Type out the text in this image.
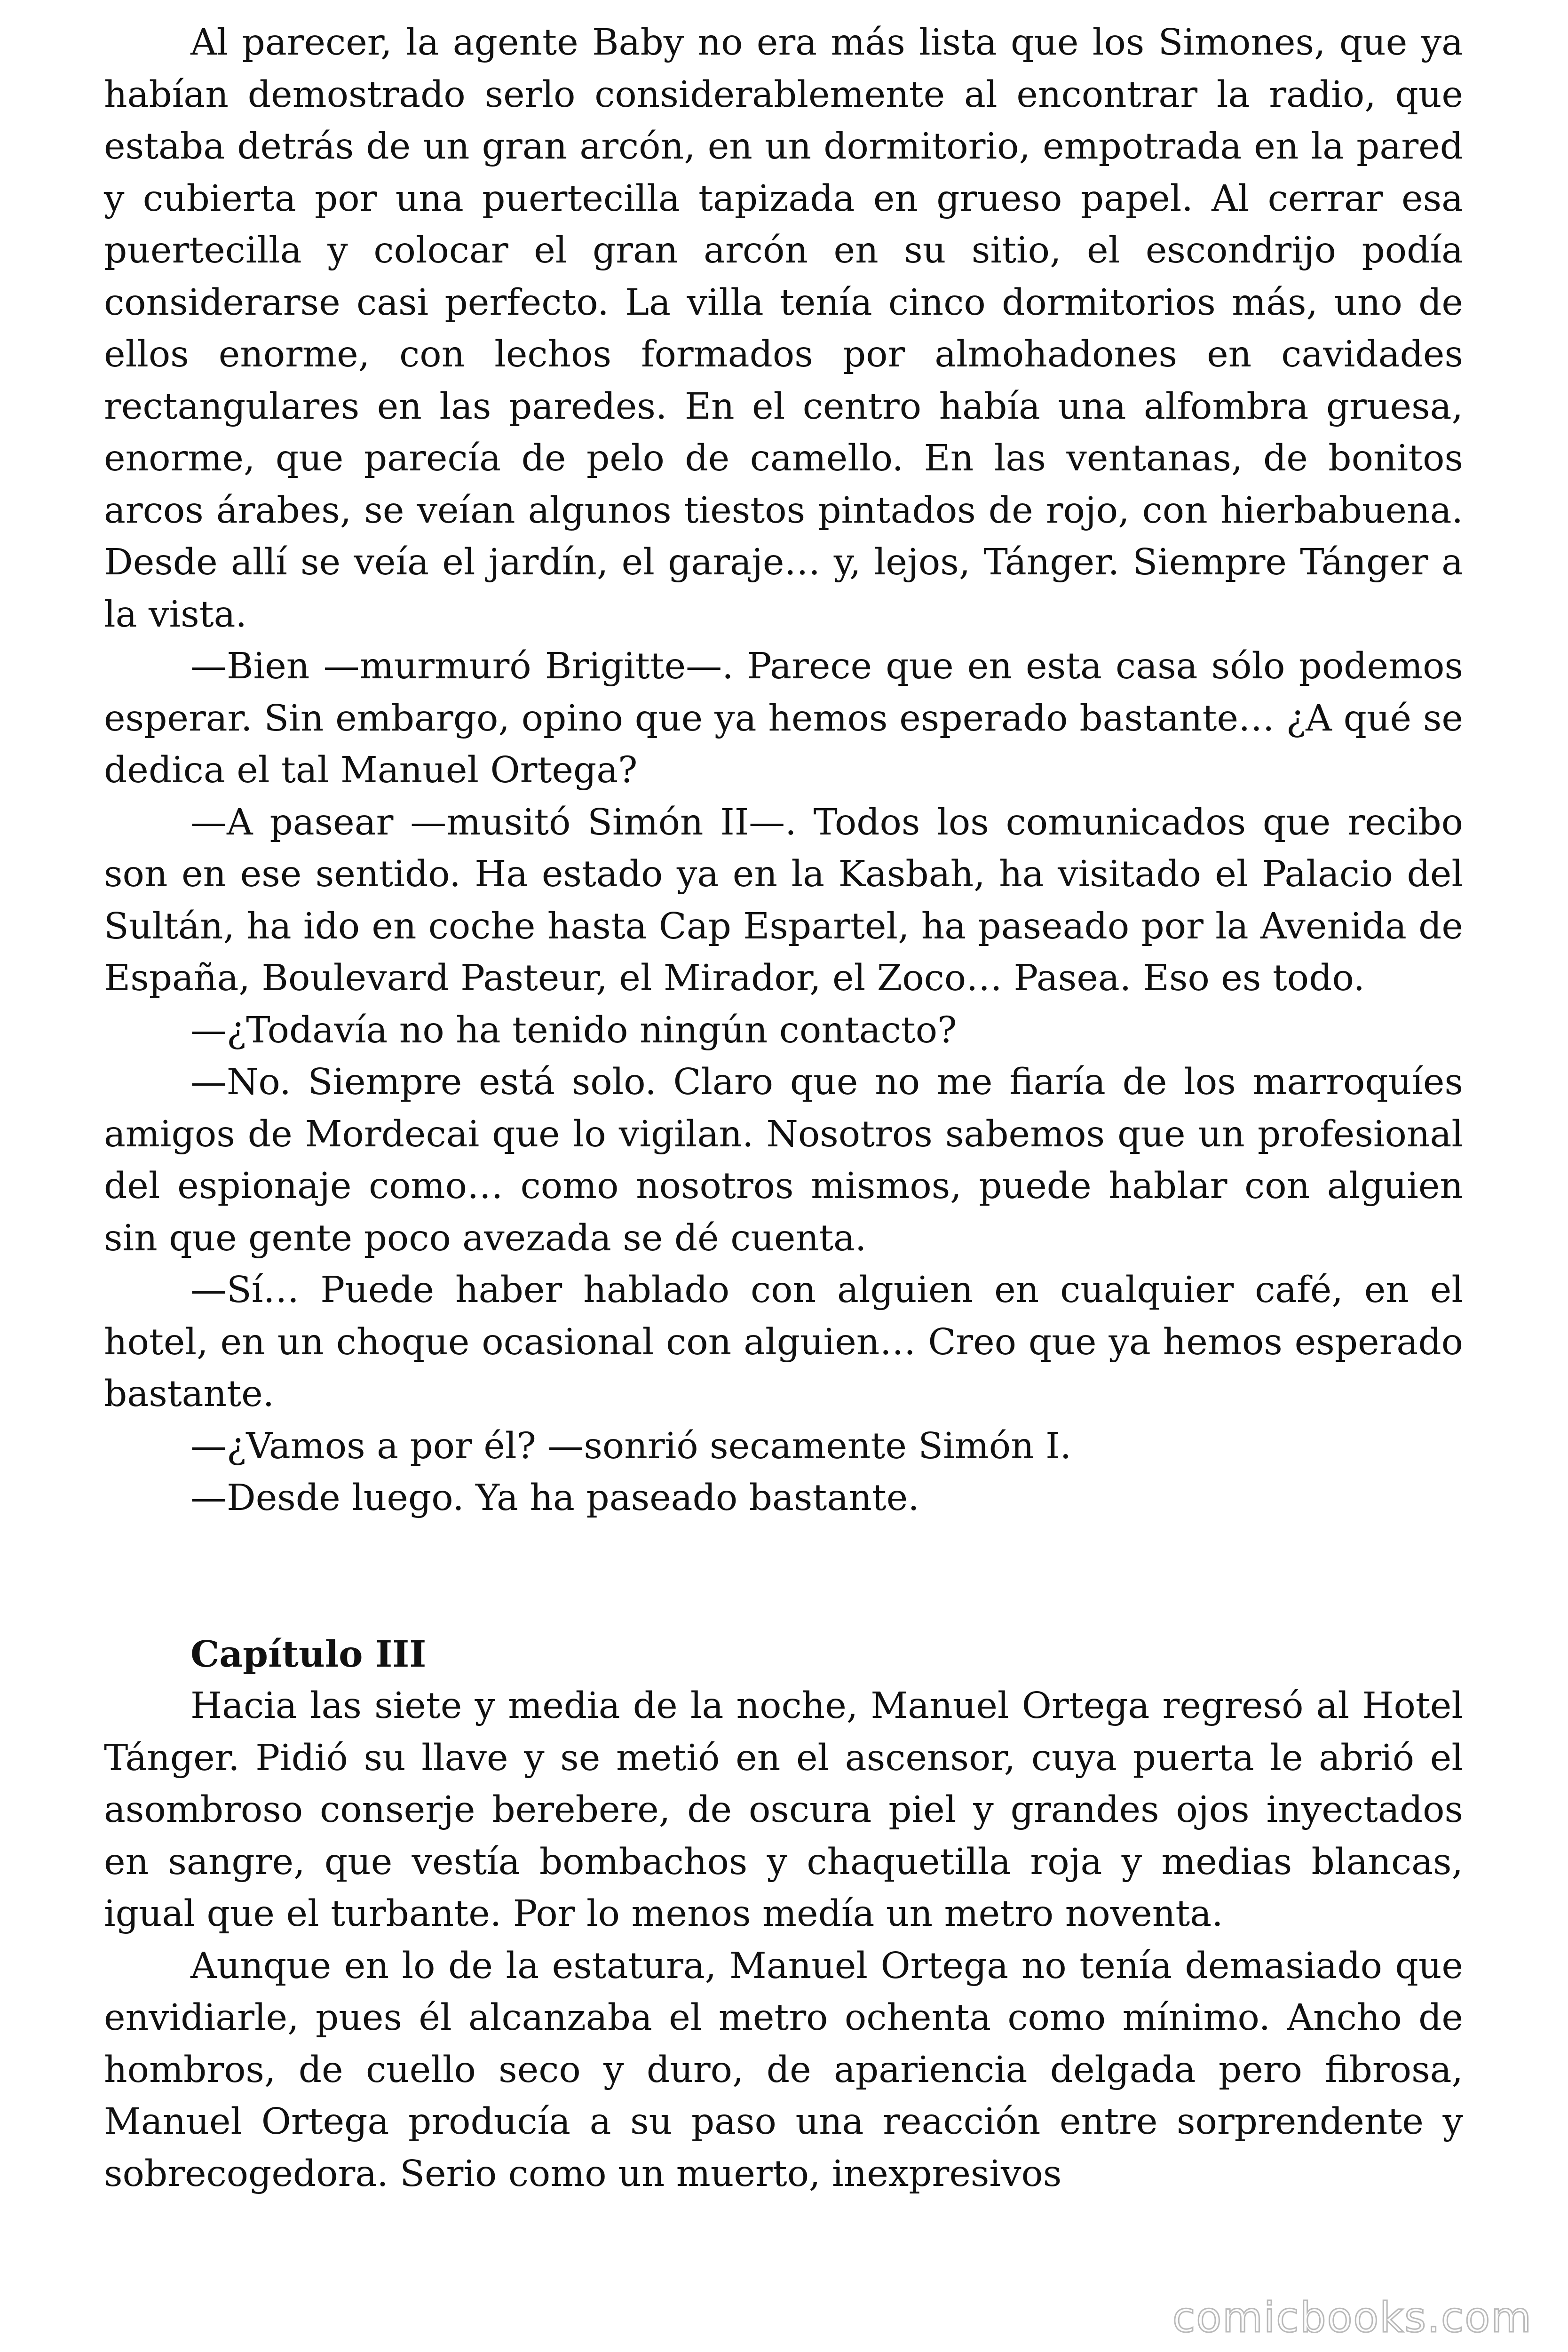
Al parecer, la agente Baby no era más lista que los Simones, que ya habían demostrado serlo considerablemente al encontrar la radio, que estaba detrás de un gran arcón, en un dormitorio, empotrada en la pared y cubierta por una puertecilla tapizada en grueso papel. Al cerrar esa puertecilla y colocar el gran arcón en su sitio, el escondrijo podía considerarse casi perfecto. La villa tenía cinco dormitorios más, uno de ellos enorme, con lechos formados por almohadones en cavidades rectangulares en las paredes. En el centro había una alfombra gruesa, enorme, que parecía de pelo de camello. En las ventanas, de bonitos arcos árabes, se veían algunos tiestos pintados de rojo, con hierbabuena. Desde allí se veía el jardín, el garaje… y, lejos, Tánger. Siempre Tánger a la vista.

—Bien —murmuró Brigitte—. Parece que en esta casa sólo podemos esperar. Sin embargo, opino que ya hemos esperado bastante… ¿A qué se dedica el tal Manuel Ortega?

—A pasear —musitó Simón II—. Todos los comunicados que recibo son en ese sentido. Ha estado ya en la Kasbah, ha visitado el Palacio del Sultán, ha ido en coche hasta Cap Espartel, ha paseado por la Avenida de España, Boulevard Pasteur, el Mirador, el Zoco… Pasea. Eso es todo.

—¿Todavía no ha tenido ningún contacto?

—No. Siempre está solo. Claro que no me fiaría de los marroquíes amigos de Mordecai que lo vigilan. Nosotros sabemos que un profesional del espionaje como… como nosotros mismos, puede hablar con alguien sin que gente poco avezada se dé cuenta.

—Sí… Puede haber hablado con alguien en cualquier café, en el hotel, en un choque ocasional con alguien… Creo que ya hemos esperado bastante.

—¿Vamos a por él? —sonrió secamente Simón I.

—Desde luego. Ya ha paseado bastante.

Capítulo III

Hacia las siete y media de la noche, Manuel Ortega regresó al Hotel Tánger. Pidió su llave y se metió en el ascensor, cuya puerta le abrió el asombroso conserje berebere, de oscura piel y grandes ojos inyectados en sangre, que vestía bombachos y chaquetilla roja y medias blancas, igual que el turbante. Por lo menos medía un metro noventa.

Aunque en lo de la estatura, Manuel Ortega no tenía demasiado que envidiarle, pues él alcanzaba el metro ochenta como mínimo. Ancho de hombros, de cuello seco y duro, de apariencia delgada pero fibrosa, Manuel Ortega producía a su paso una reacción entre sorprendente y sobrecogedora. Serio como un muerto, inexpresivos

comicbooks.com
